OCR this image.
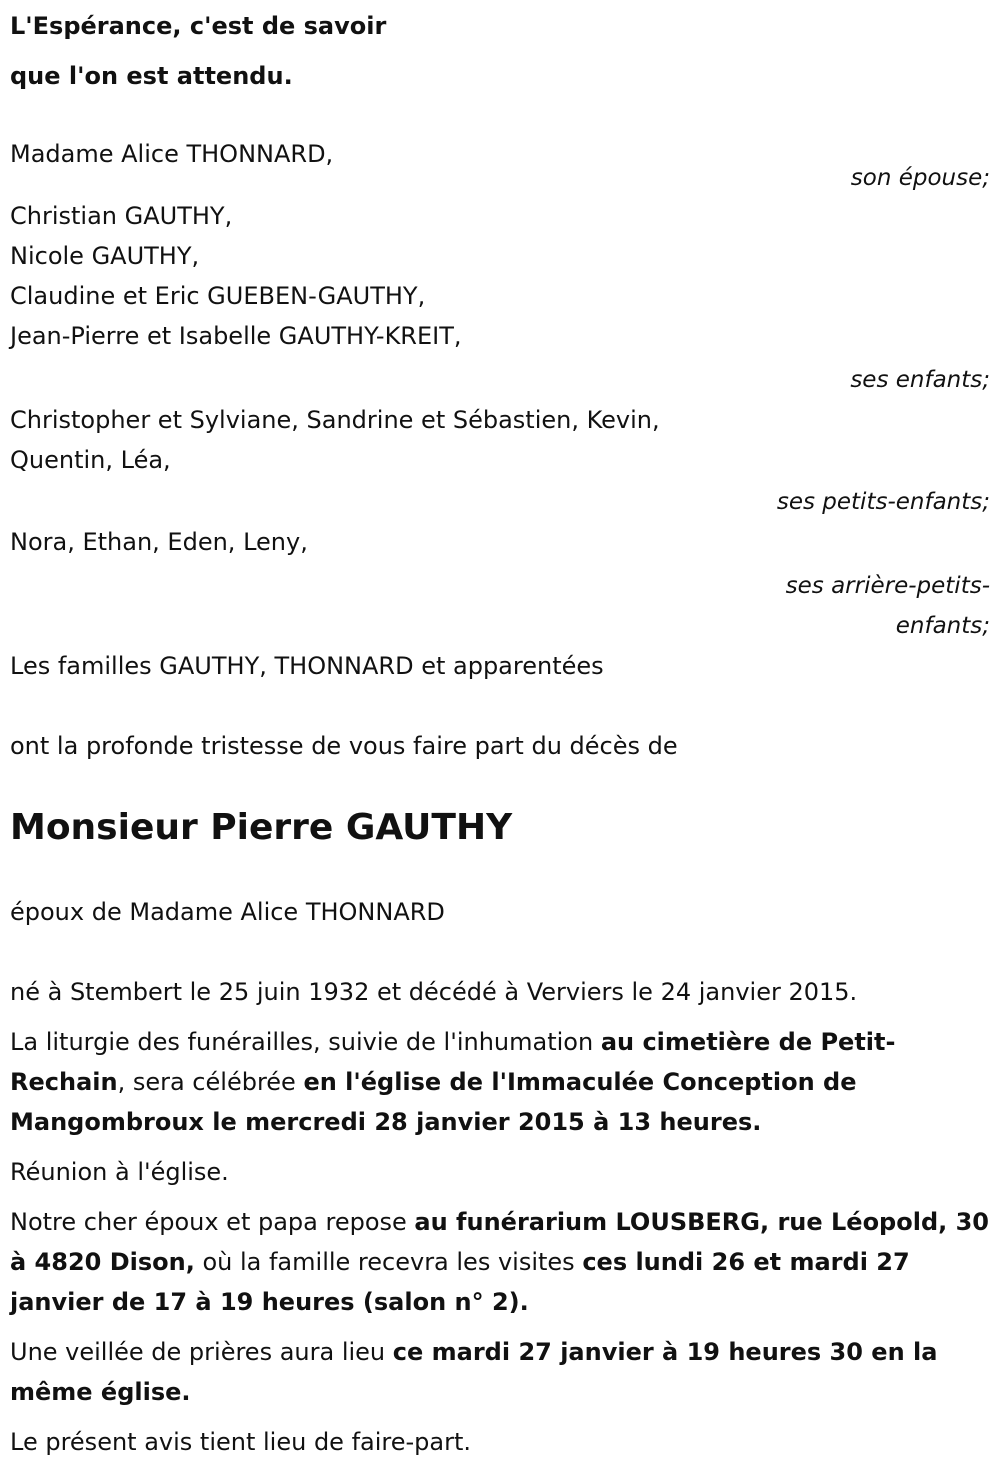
L'Espérance, c'est de savoir
que l'on est attendu.
Madame Alice THONNARD,
son épouse;
Christian GAUTHY,
Nicole GAUTHY,
Claudine et Eric GUEBEN-GAUTHY,
Jean-Pierre et Isabelle GAUTHY-KREIT,
ses enfants;
Christopher et Sylviane, Sandrine et Sébastien, Kevin,
Quentin, Léa,
ses petits-enfants;
Nora, Ethan, Eden, Leny,
ses arrière-petits-
enfants;
Les familles GAUTHY, THONNARD et apparentées
ont la profonde tristesse de vous faire part du décès de
Monsieur Pierre GAUTHY
époux de Madame Alice THONNARD
né à Stembert le 25 juin 1932 et décédé à Verviers le 24 janvier 2015.
La liturgie des funérailles, suivie de l'inhumation au cimetière de Petit-Rechain, sera célébrée en l'église de l'Immaculée Conception de Mangombroux le mercredi 28 janvier 2015 à 13 heures.
Réunion à l'église.
Notre cher époux et papa repose au funérarium LOUSBERG, rue Léopold, 30 à 4820 Dison, où la famille recevra les visites ces lundi 26 et mardi 27 janvier de 17 à 19 heures (salon n° 2).
Une veillée de prières aura lieu ce mardi 27 janvier à 19 heures 30 en la même église.
Le présent avis tient lieu de faire-part.
